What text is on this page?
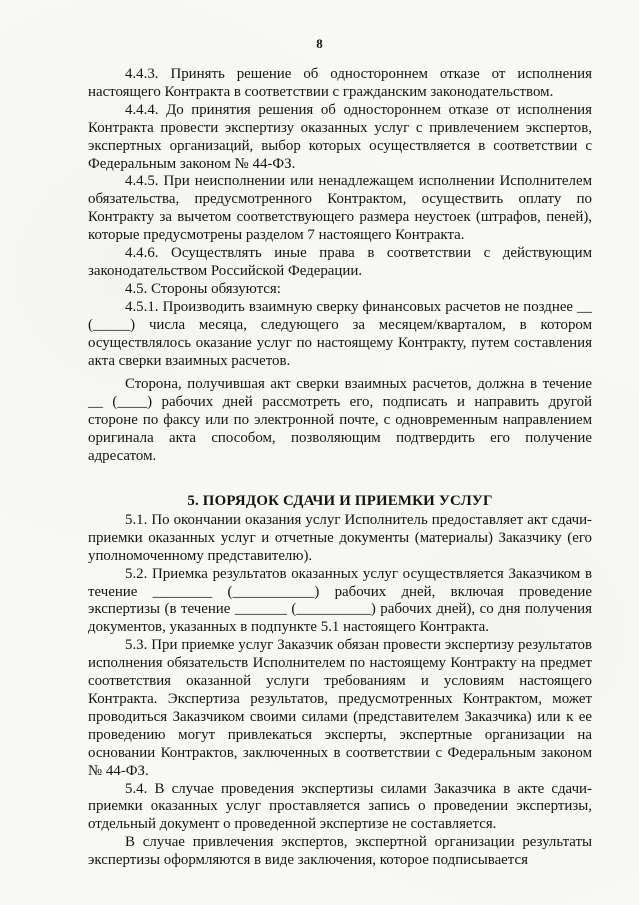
8

4.4.3. Принять решение об одностороннем отказе от исполнения настоящего Контракта в соответствии с гражданским законодательством.

4.4.4. До принятия решения об одностороннем отказе от исполнения Контракта провести экспертизу оказанных услуг с привлечением экспертов, экспертных организаций, выбор которых осуществляется в соответствии с Федеральным законом № 44-ФЗ.

4.4.5. При неисполнении или ненадлежащем исполнении Исполнителем обязательства, предусмотренного Контрактом, осуществить оплату по Контракту за вычетом соответствующего размера неустоек (штрафов, пеней), которые предусмотрены разделом 7 настоящего Контракта.

4.4.6. Осуществлять иные права в соответствии с действующим законодательством Российской Федерации.

4.5. Стороны обязуются:

4.5.1. Производить взаимную сверку финансовых расчетов не позднее __ (_____) числа месяца, следующего за месяцем/кварталом, в котором осуществлялось оказание услуг по настоящему Контракту, путем составления акта сверки взаимных расчетов.

Сторона, получившая акт сверки взаимных расчетов, должна в течение __ (____) рабочих дней рассмотреть его, подписать и направить другой стороне по факсу или по электронной почте, с одновременным направлением оригинала акта способом, позволяющим подтвердить его получение адресатом.

5. ПОРЯДОК СДАЧИ И ПРИЕМКИ УСЛУГ

5.1. По окончании оказания услуг Исполнитель предоставляет акт сдачи-приемки оказанных услуг и отчетные документы (материалы) Заказчику (его уполномоченному представителю).

5.2. Приемка результатов оказанных услуг осуществляется Заказчиком в течение ________ (___________) рабочих дней, включая проведение экспертизы (в течение _______ (__________) рабочих дней), со дня получения документов, указанных в подпункте 5.1 настоящего Контракта.

5.3. При приемке услуг Заказчик обязан провести экспертизу результатов исполнения обязательств Исполнителем по настоящему Контракту на предмет соответствия оказанной услуги требованиям и условиям настоящего Контракта. Экспертиза результатов, предусмотренных Контрактом, может проводиться Заказчиком своими силами (представителем Заказчика) или к ее проведению могут привлекаться эксперты, экспертные организации на основании Контрактов, заключенных в соответствии с Федеральным законом № 44-ФЗ.

5.4. В случае проведения экспертизы силами Заказчика в акте сдачи-приемки оказанных услуг проставляется запись о проведении экспертизы, отдельный документ о проведенной экспертизе не составляется.

В случае привлечения экспертов, экспертной организации результаты экспертизы оформляются в виде заключения, которое подписывается
